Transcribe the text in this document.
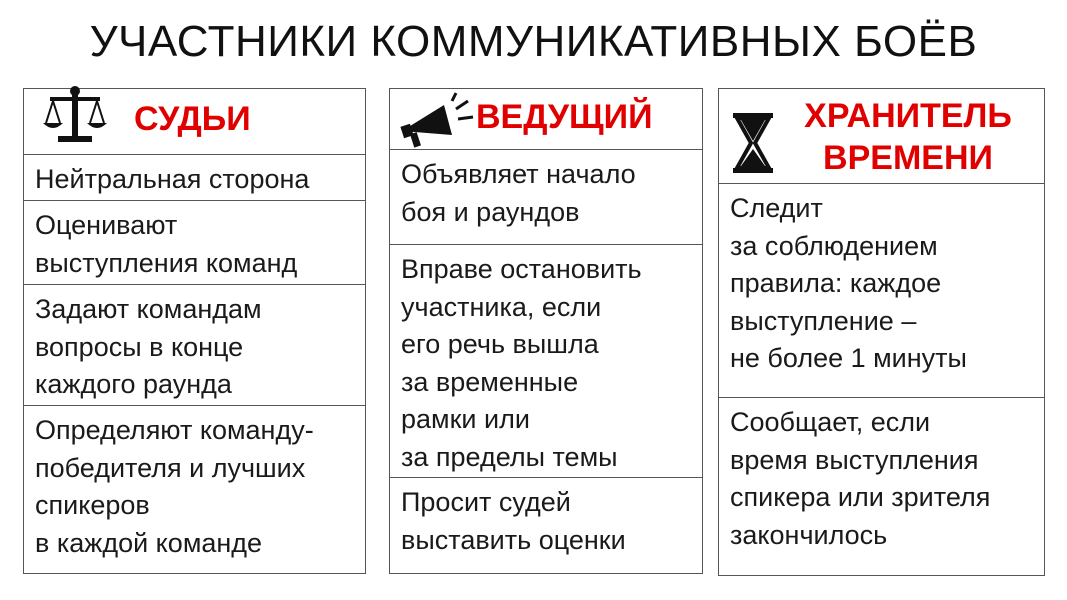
УЧАСТНИКИ КОММУНИКАТИВНЫХ БОЁВ
СУДЬИ
Нейтральная сторона
Оценивают
выступления команд
Задают командам
вопросы в конце
каждого раунда
Определяют команду-
победителя и лучших
спикеров
в каждой команде
ВЕДУЩИЙ
Объявляет начало
боя и раундов
Вправе остановить
участника, если
его речь вышла
за временные
рамки или
за пределы темы
Просит судей
выставить оценки
ХРАНИТЕЛЬ
ВРЕМЕНИ
Следит
за соблюдением
правила: каждое
выступление –
не более 1 минуты
Сообщает, если
время выступления
спикера или зрителя
закончилось
